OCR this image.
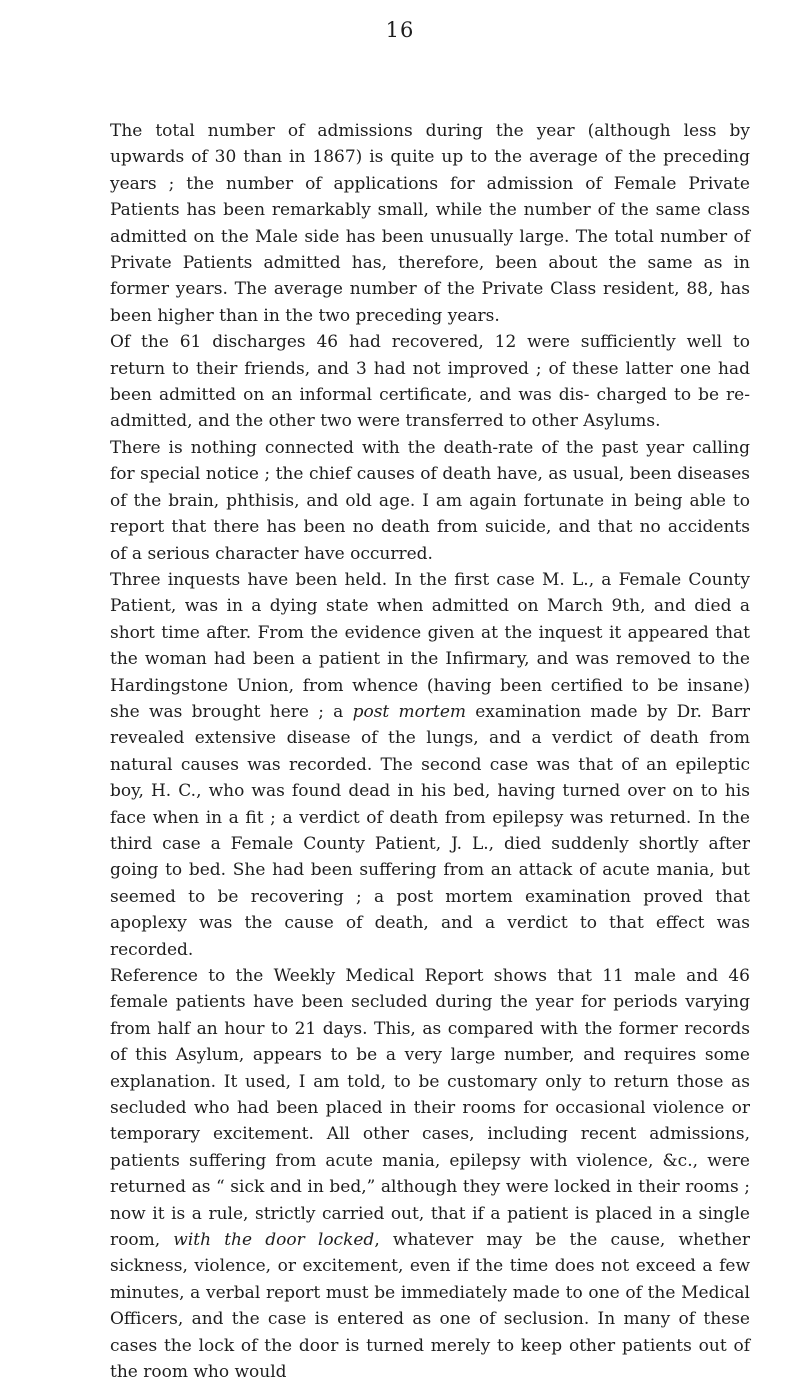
16

The total number of admissions during the year (although less by upwards of 30 than in 1867) is quite up to the average of the preceding years ; the number of applications for admission of Female Private Patients has been remarkably small, while the number of the same class admitted on the Male side has been unusually large. The total number of Private Patients admitted has, therefore, been about the same as in former years. The average number of the Private Class resident, 88, has been higher than in the two preceding years.

Of the 61 discharges 46 had recovered, 12 were sufficiently well to return to their friends, and 3 had not improved ; of these latter one had been admitted on an informal certificate, and was dis- charged to be re-admitted, and the other two were transferred to other Asylums.

There is nothing connected with the death-rate of the past year calling for special notice ; the chief causes of death have, as usual, been diseases of the brain, phthisis, and old age. I am again fortunate in being able to report that there has been no death from suicide, and that no accidents of a serious character have occurred.

Three inquests have been held. In the first case M. L., a Female County Patient, was in a dying state when admitted on March 9th, and died a short time after. From the evidence given at the inquest it appeared that the woman had been a patient in the Infirmary, and was removed to the Hardingstone Union, from whence (having been certified to be insane) she was brought here ; a post mortem examination made by Dr. Barr revealed extensive disease of the lungs, and a verdict of death from natural causes was recorded. The second case was that of an epileptic boy, H. C., who was found dead in his bed, having turned over on to his face when in a fit ; a verdict of death from epilepsy was returned. In the third case a Female County Patient, J. L., died suddenly shortly after going to bed. She had been suffering from an attack of acute mania, but seemed to be recovering ; a post mortem examination proved that apoplexy was the cause of death, and a verdict to that effect was recorded.

Reference to the Weekly Medical Report shows that 11 male and 46 female patients have been secluded during the year for periods varying from half an hour to 21 days. This, as compared with the former records of this Asylum, appears to be a very large number, and requires some explanation. It used, I am told, to be customary only to return those as secluded who had been placed in their rooms for occasional violence or temporary excitement. All other cases, including recent admissions, patients suffering from acute mania, epilepsy with violence, &c., were returned as “ sick and in bed,” although they were locked in their rooms ; now it is a rule, strictly carried out, that if a patient is placed in a single room, with the door locked, whatever may be the cause, whether sickness, violence, or excitement, even if the time does not exceed a few minutes, a verbal report must be immediately made to one of the Medical Officers, and the case is entered as one of seclusion. In many of these cases the lock of the door is turned merely to keep other patients out of the room who would
